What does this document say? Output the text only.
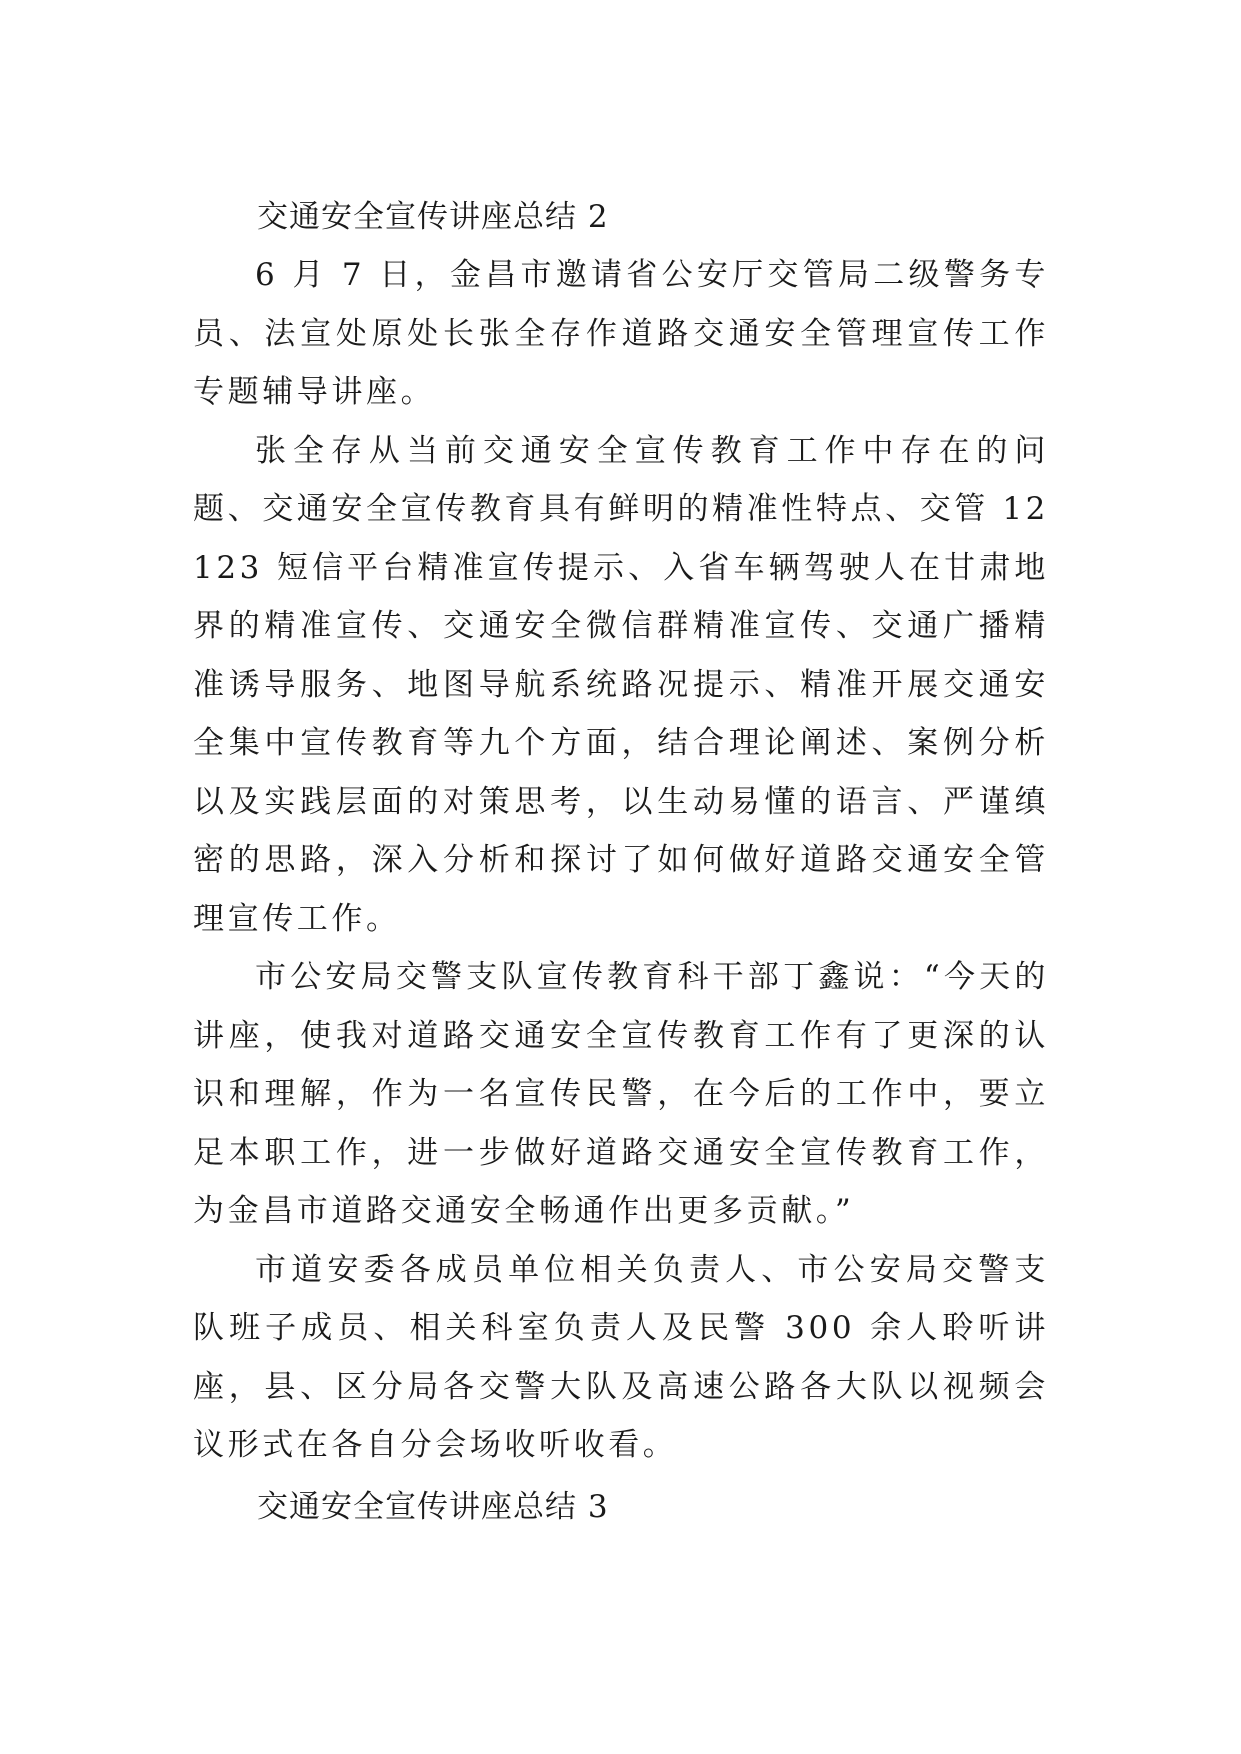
交通安全宣传讲座总结 2

6 月 7 日，金昌市邀请省公安厅交管局二级警务专员、法宣处原处长张全存作道路交通安全管理宣传工作专题辅导讲座。

张全存从当前交通安全宣传教育工作中存在的问题、交通安全宣传教育具有鲜明的精准性特点、交管 12123 短信平台精准宣传提示、入省车辆驾驶人在甘肃地界的精准宣传、交通安全微信群精准宣传、交通广播精准诱导服务、地图导航系统路况提示、精准开展交通安全集中宣传教育等九个方面，结合理论阐述、案例分析以及实践层面的对策思考，以生动易懂的语言、严谨缜密的思路，深入分析和探讨了如何做好道路交通安全管理宣传工作。

市公安局交警支队宣传教育科干部丁鑫说：“今天的讲座，使我对道路交通安全宣传教育工作有了更深的认识和理解，作为一名宣传民警，在今后的工作中，要立足本职工作，进一步做好道路交通安全宣传教育工作，为金昌市道路交通安全畅通作出更多贡献。”

市道安委各成员单位相关负责人、市公安局交警支队班子成员、相关科室负责人及民警 300 余人聆听讲座，县、区分局各交警大队及高速公路各大队以视频会议形式在各自分会场收听收看。

交通安全宣传讲座总结 3
